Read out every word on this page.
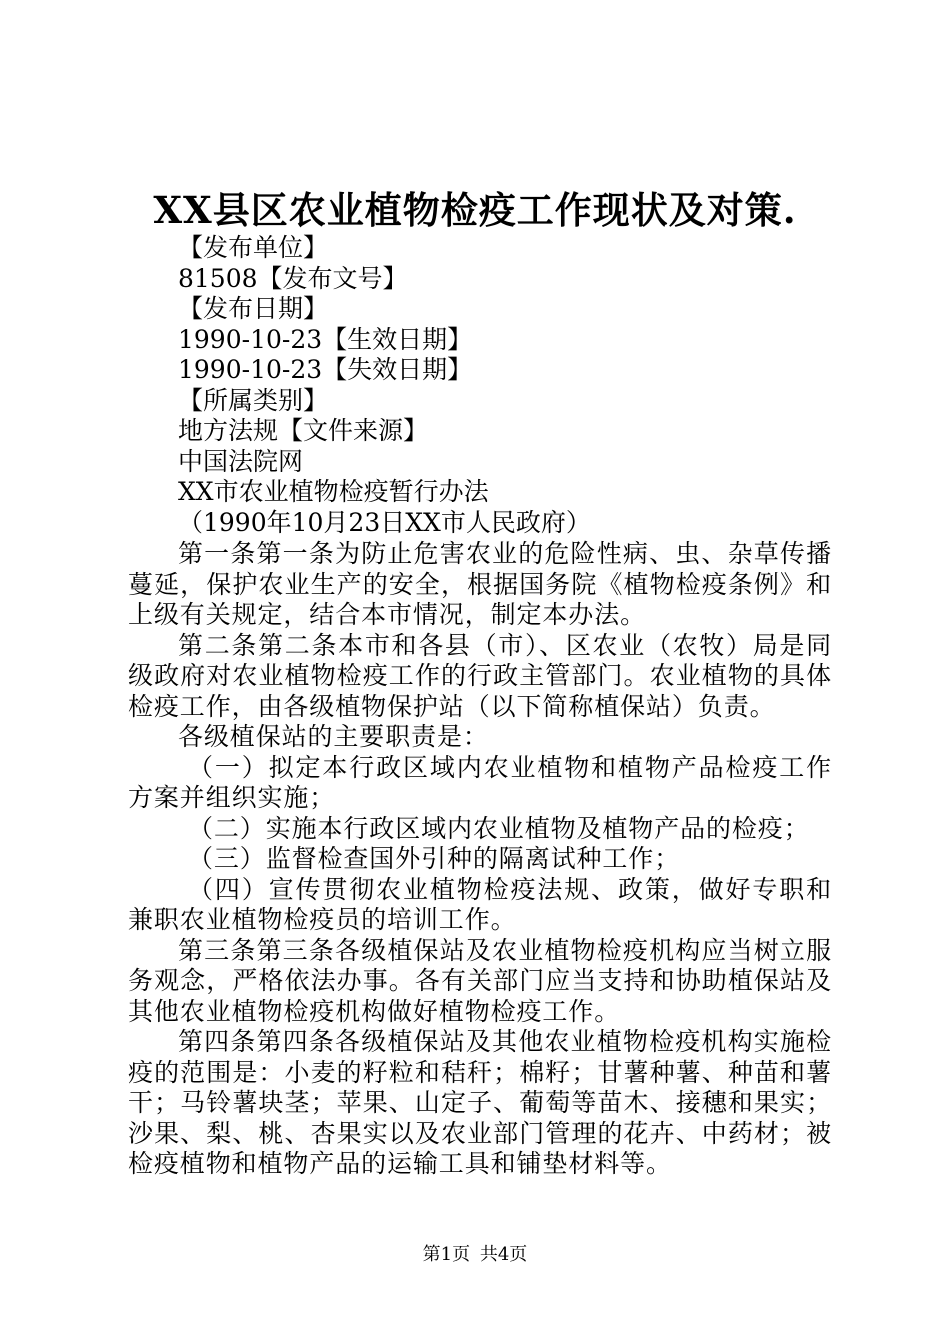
XX县区农业植物检疫工作现状及对策.
【发布单位】
81508【发布文号】
【发布日期】
1990-10-23【生效日期】
1990-10-23【失效日期】
【所属类别】
地方法规【文件来源】
中国法院网
XX市农业植物检疫暂行办法
（1990年10月23日XX市人民政府）

第一条第一条为防止危害农业的危险性病、虫、杂草传播蔓延，保护农业生产的安全，根据国务院《植物检疫条例》和上级有关规定，结合本市情况，制定本办法。

第二条第二条本市和各县（市）、区农业（农牧）局是同级政府对农业植物检疫工作的行政主管部门。农业植物的具体检疫工作，由各级植物保护站（以下简称植保站）负责。

各级植保站的主要职责是：

（一）拟定本行政区域内农业植物和植物产品检疫工作方案并组织实施；

（二）实施本行政区域内农业植物及植物产品的检疫；

（三）监督检查国外引种的隔离试种工作；

（四）宣传贯彻农业植物检疫法规、政策，做好专职和兼职农业植物检疫员的培训工作。

第三条第三条各级植保站及农业植物检疫机构应当树立服务观念，严格依法办事。各有关部门应当支持和协助植保站及其他农业植物检疫机构做好植物检疫工作。

第四条第四条各级植保站及其他农业植物检疫机构实施检疫的范围是：小麦的籽粒和秸秆；棉籽；甘薯种薯、种苗和薯干；马铃薯块茎；苹果、山定子、葡萄等苗木、接穗和果实；沙果、梨、桃、杏果实以及农业部门管理的花卉、中药材；被检疫植物和植物产品的运输工具和铺垫材料等。

第1页 共4页
